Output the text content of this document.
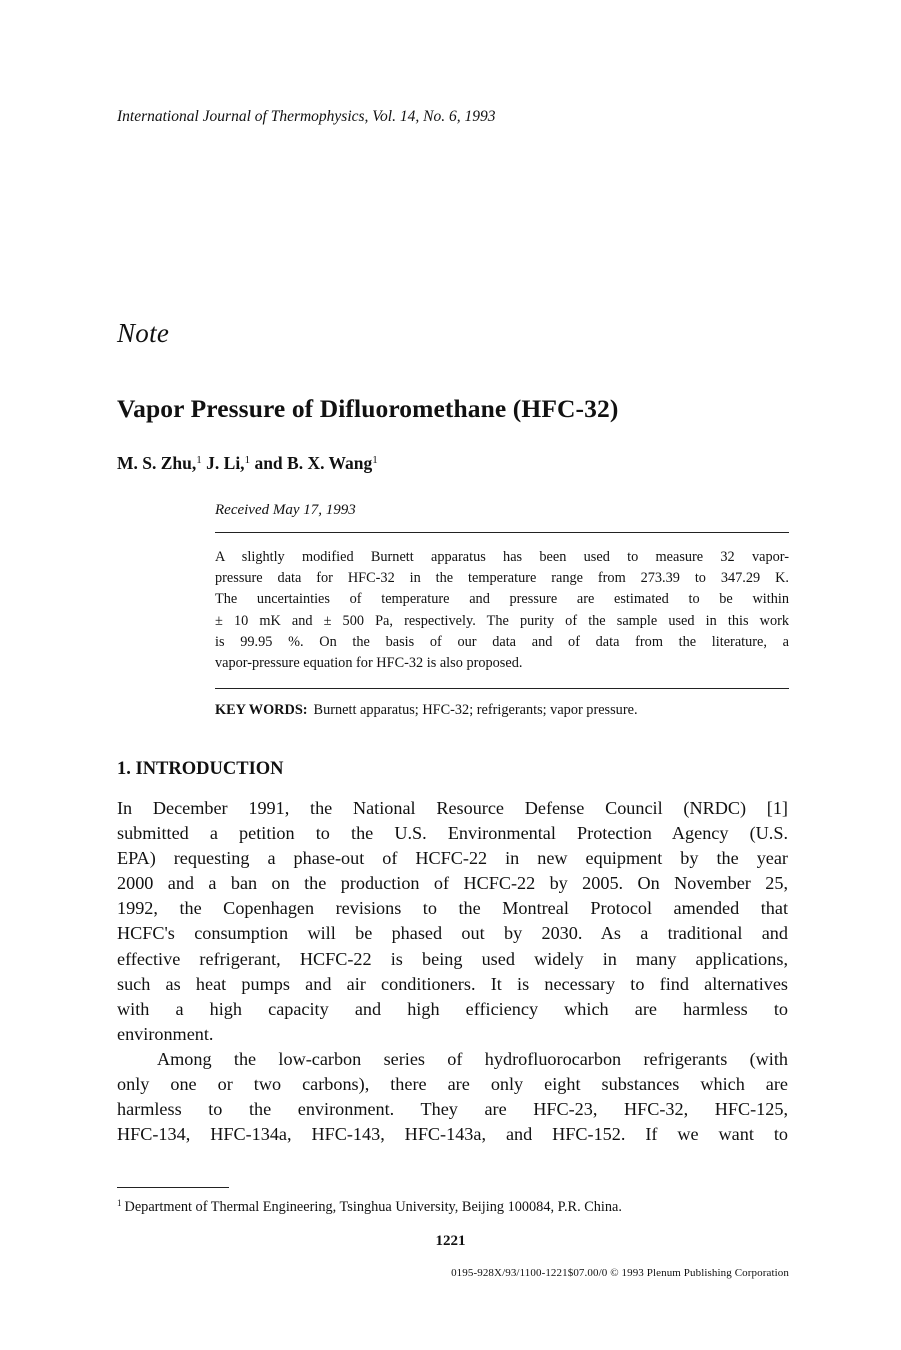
International Journal of Thermophysics, Vol. 14, No. 6, 1993
Note
Vapor Pressure of Difluoromethane (HFC-32)
M. S. Zhu,$^1$ J. Li,$^1$ and B. X. Wang$^1$
Received May 17, 1993
A slightly modified Burnett apparatus has been used to measure 32 vapor-
pressure data for HFC-32 in the temperature range from 273.39 to 347.29 K.
The uncertainties of temperature and pressure are estimated to be within
± 10 mK and ± 500 Pa, respectively. The purity of the sample used in this work
is 99.95 %. On the basis of our data and of data from the literature, a
vapor-pressure equation for HFC-32 is also proposed.
KEY WORDS: Burnett apparatus; HFC-32; refrigerants; vapor pressure.
1. INTRODUCTION
In December 1991, the National Resource Defense Council (NRDC) [1]
submitted a petition to the U.S. Environmental Protection Agency (U.S.
EPA) requesting a phase-out of HCFC-22 in new equipment by the year
2000 and a ban on the production of HCFC-22 by 2005. On November 25,
1992, the Copenhagen revisions to the Montreal Protocol amended that
HCFC's consumption will be phased out by 2030. As a traditional and
effective refrigerant, HCFC-22 is being used widely in many applications,
such as heat pumps and air conditioners. It is necessary to find alternatives
with a high capacity and high efficiency which are harmless to
environment.
Among the low-carbon series of hydrofluorocarbon refrigerants (with
only one or two carbons), there are only eight substances which are
harmless to the environment. They are HFC-23, HFC-32, HFC-125,
HFC-134, HFC-134a, HFC-143, HFC-143a, and HFC-152. If we want to
$^1$ Department of Thermal Engineering, Tsinghua University, Beijing 100084, P.R. China.
1221
0195-928X/93/1100-1221$07.00/0 © 1993 Plenum Publishing Corporation
